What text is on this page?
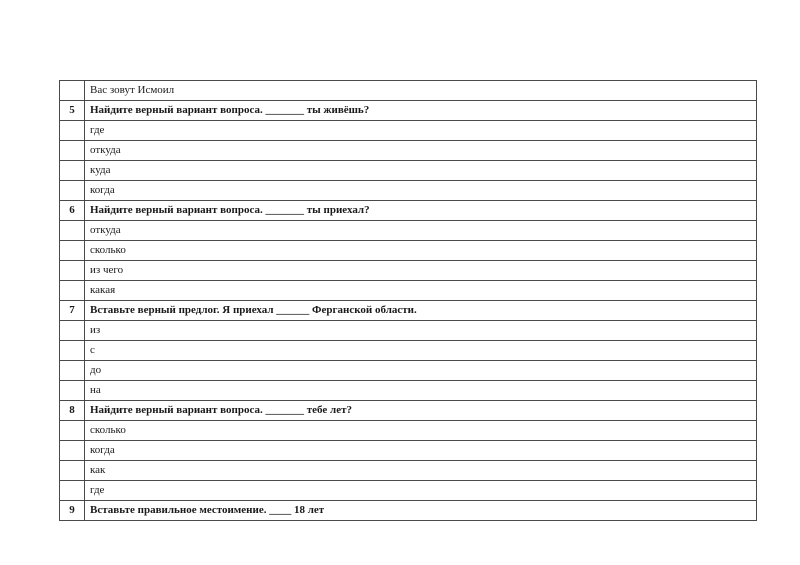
	Вас зовут Исмоил
5	Найдите верный вариант вопроса. _______ ты живёшь?
	где
	откуда
	куда
	когда
6	Найдите верный вариант вопроса. _______ ты приехал?
	откуда
	сколько
	из чего
	какая
7	Вставьте верный предлог. Я приехал ______ Ферганской области.
	из
	с
	до
	на
8	Найдите верный вариант вопроса. _______ тебе лет?
	сколько
	когда
	как
	где
9	Вставьте правильное местоимение. ____ 18 лет
